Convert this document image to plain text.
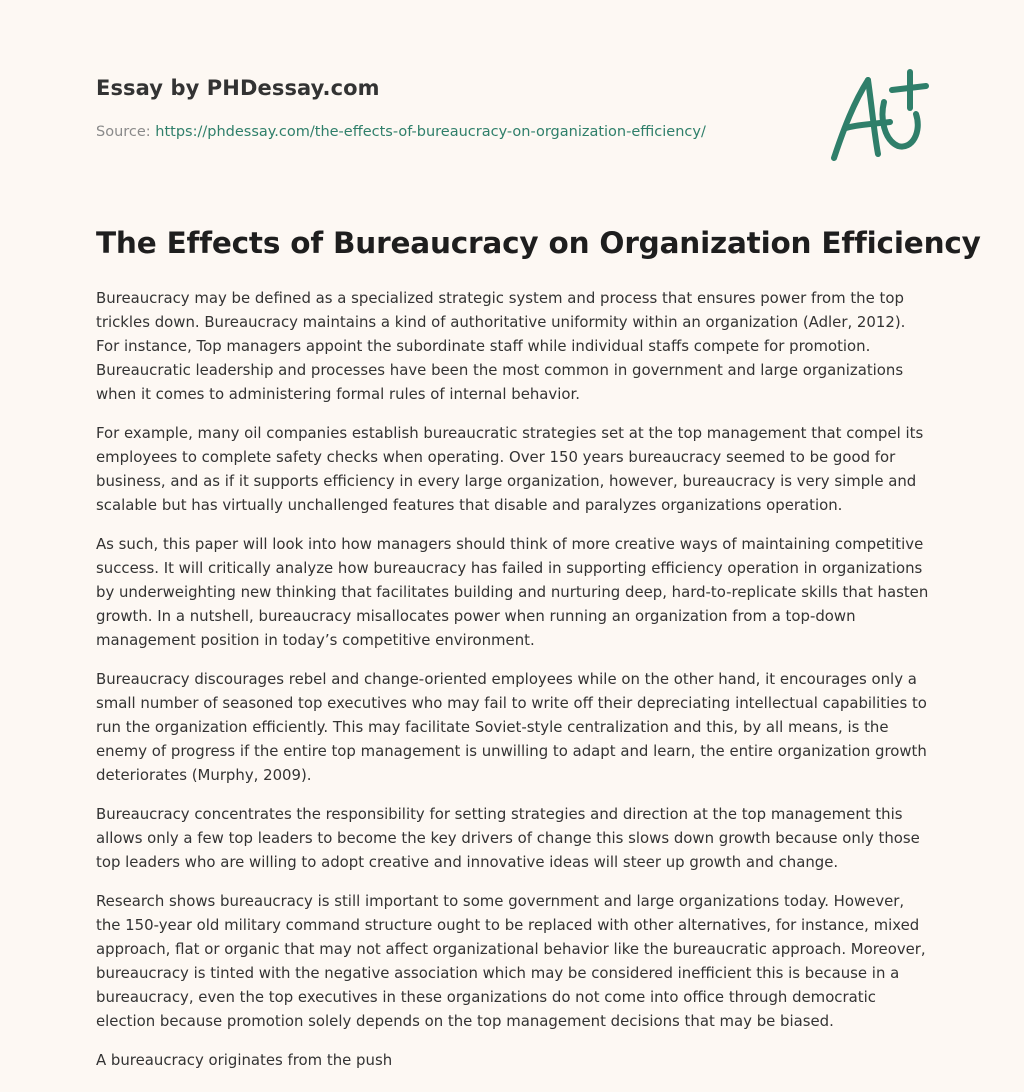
Essay by PHDessay.com
Source: https://phdessay.com/the-effects-of-bureaucracy-on-organization-efficiency/
The Effects of Bureaucracy on Organization Efficiency

Bureaucracy may be defined as a specialized strategic system and process that ensures power from the top trickles down. Bureaucracy maintains a kind of authoritative uniformity within an organization (Adler, 2012). For instance, Top managers appoint the subordinate staff while individual staffs compete for promotion. Bureaucratic leadership and processes have been the most common in government and large organizations when it comes to administering formal rules of internal behavior.

For example, many oil companies establish bureaucratic strategies set at the top management that compel its employees to complete safety checks when operating. Over 150 years bureaucracy seemed to be good for business, and as if it supports efficiency in every large organization, however, bureaucracy is very simple and scalable but has virtually unchallenged features that disable and paralyzes organizations operation.

As such, this paper will look into how managers should think of more creative ways of maintaining competitive success. It will critically analyze how bureaucracy has failed in supporting efficiency operation in organizations by underweighting new thinking that facilitates building and nurturing deep, hard-to-replicate skills that hasten growth. In a nutshell, bureaucracy misallocates power when running an organization from a top-down management position in today’s competitive environment.

Bureaucracy discourages rebel and change-oriented employees while on the other hand, it encourages only a small number of seasoned top executives who may fail to write off their depreciating intellectual capabilities to run the organization efficiently. This may facilitate Soviet-style centralization and this, by all means, is the enemy of progress if the entire top management is unwilling to adapt and learn, the entire organization growth deteriorates (Murphy, 2009).

Bureaucracy concentrates the responsibility for setting strategies and direction at the top management this allows only a few top leaders to become the key drivers of change this slows down growth because only those top leaders who are willing to adopt creative and innovative ideas will steer up growth and change.

Research shows bureaucracy is still important to some government and large organizations today. However, the 150-year old military command structure ought to be replaced with other alternatives, for instance, mixed approach, flat or organic that may not affect organizational behavior like the bureaucratic approach. Moreover, bureaucracy is tinted with the negative association which may be considered inefficient this is because in a bureaucracy, even the top executives in these organizations do not come into office through democratic election because promotion solely depends on the top management decisions that may be biased.

A bureaucracy originates from the push
